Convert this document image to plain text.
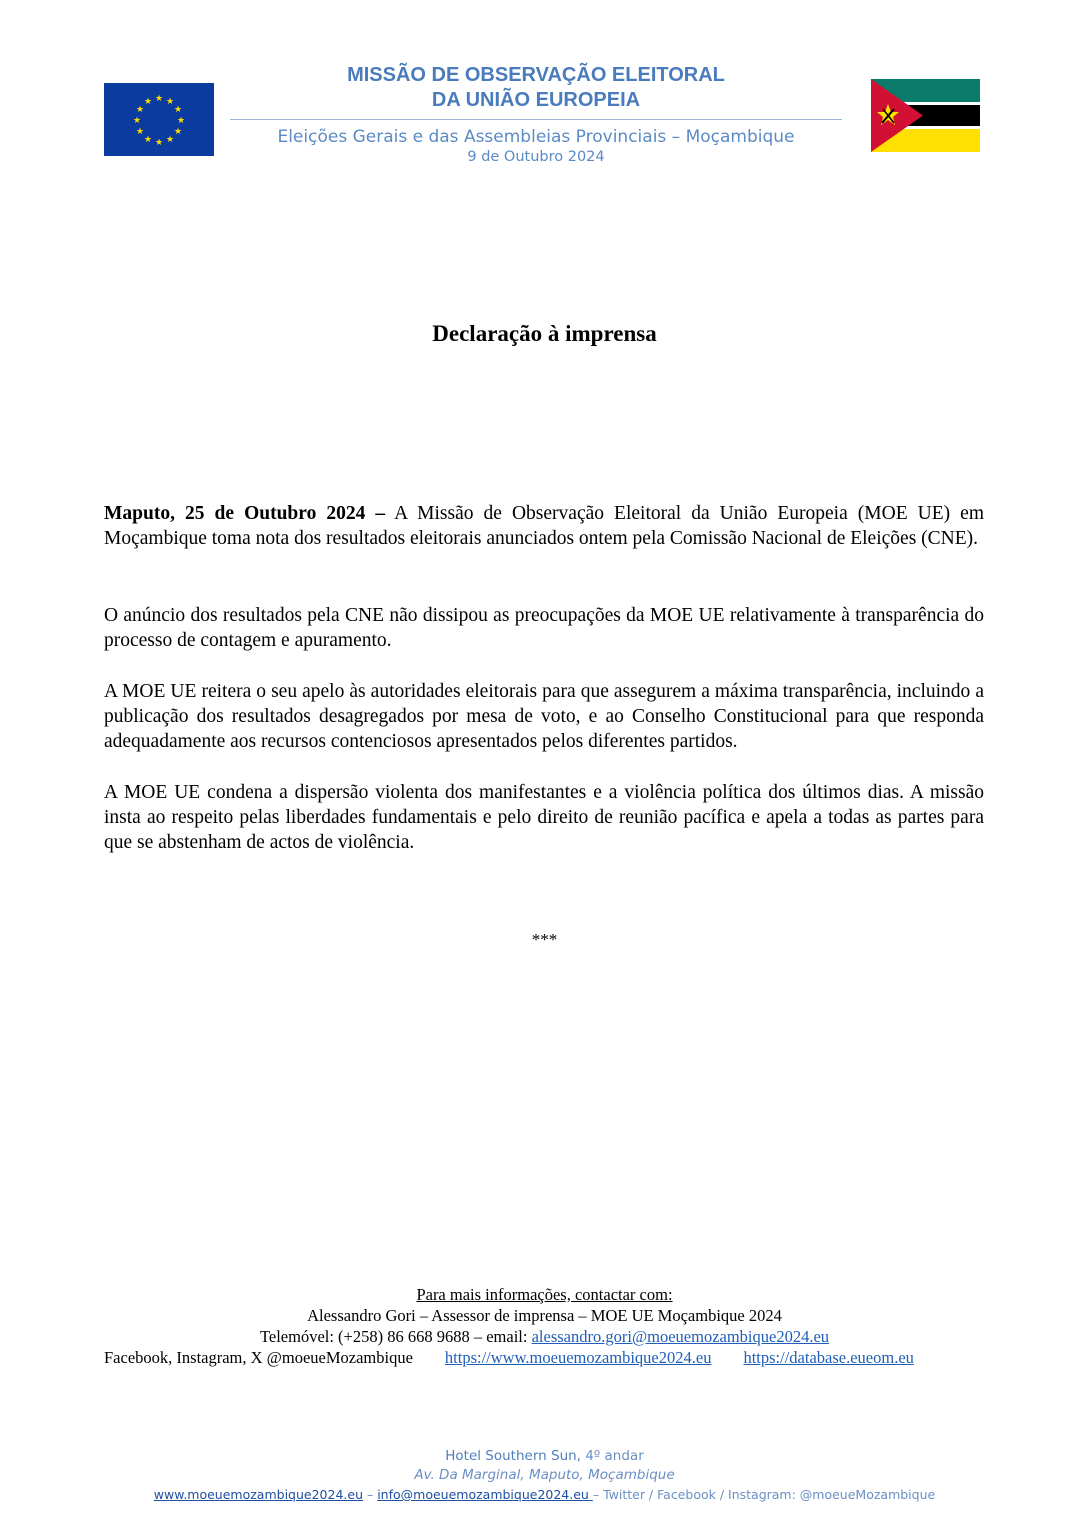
★ ★
★
★
★
★
★
★
★
★
★
★
MISSÃO DE OBSERVAÇÃO ELEITORAL
DA UNIÃO EUROPEIA
Eleições Gerais e das Assembleias Provinciais – Moçambique
9 de Outubro 2024
Declaração à imprensa

Maputo, 25 de Outubro 2024 – A Missão de Observação Eleitoral da União Europeia (MOE UE) em Moçambique toma nota dos resultados eleitorais anunciados ontem pela Comissão Nacional de Eleições (CNE).

O anúncio dos resultados pela CNE não dissipou as preocupações da MOE UE relativamente à transparência do processo de contagem e apuramento.

A MOE UE reitera o seu apelo às autoridades eleitorais para que assegurem a máxima transparência, incluindo a publicação dos resultados desagregados por mesa de voto, e ao Conselho Constitucional para que responda adequadamente aos recursos contenciosos apresentados pelos diferentes partidos.

A MOE UE condena a dispersão violenta dos manifestantes e a violência política dos últimos dias. A missão insta ao respeito pelas liberdades fundamentais e pelo direito de reunião pacífica e apela a todas as partes para que se abstenham de actos de violência.

***
Para mais informações, contactar com:
Alessandro Gori – Assessor de imprensa – MOE UE Moçambique 2024
Telemóvel: (+258) 86 668 9688 – email: alessandro.gori@moeuemozambique2024.eu
Facebook, Instagram, X @moeueMozambique https://www.moeuemozambique2024.eu https://database.eueom.eu
Hotel Southern Sun, 4º andar
Av. Da Marginal, Maputo, Moçambique
www.moeuemozambique2024.eu – info@moeuemozambique2024.eu – Twitter / Facebook / Instagram: @moeueMozambique
